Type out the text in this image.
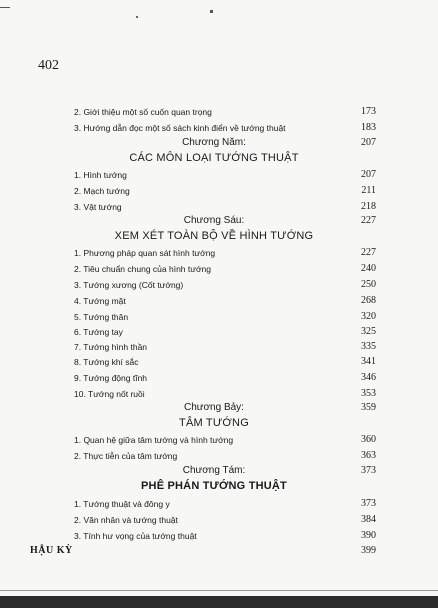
402
2. Giới thiệu một số cuốn quan trọng	173
3. Hướng dẫn đọc một số sách kinh điển về tướng thuật	183
Chương Năm:	207
CÁC MÔN LOẠI TƯỚNG THUẬT
1. Hình tướng	207
2. Mạch tướng	211
3. Vật tướng	218
Chương Sáu:	227
XEM XÉT TOÀN BỘ VỀ HÌNH TƯỚNG
1. Phương pháp quan sát hình tướng	227
2. Tiêu chuẩn chung của hình tướng	240
3. Tướng xương (Cốt tướng)	250
4. Tướng mặt	268
5. Tướng thân	320
6. Tướng tay	325
7. Tướng hình thần	335
8. Tướng khí sắc	341
9. Tướng động tĩnh	346
10. Tướng nốt ruồi	353
Chương Bảy:	359
TÂM TƯỚNG
1. Quan hệ giữa tâm tướng và hình tướng	360
2. Thực tiễn của tâm tướng	363
Chương Tám:	373
PHÊ PHÁN TƯỚNG THUẬT
1. Tướng thuật và đông y	373
2. Văn nhân và tướng thuật	384
3. Tính hư vọng của tướng thuật	390
HẬU KỲ	399
